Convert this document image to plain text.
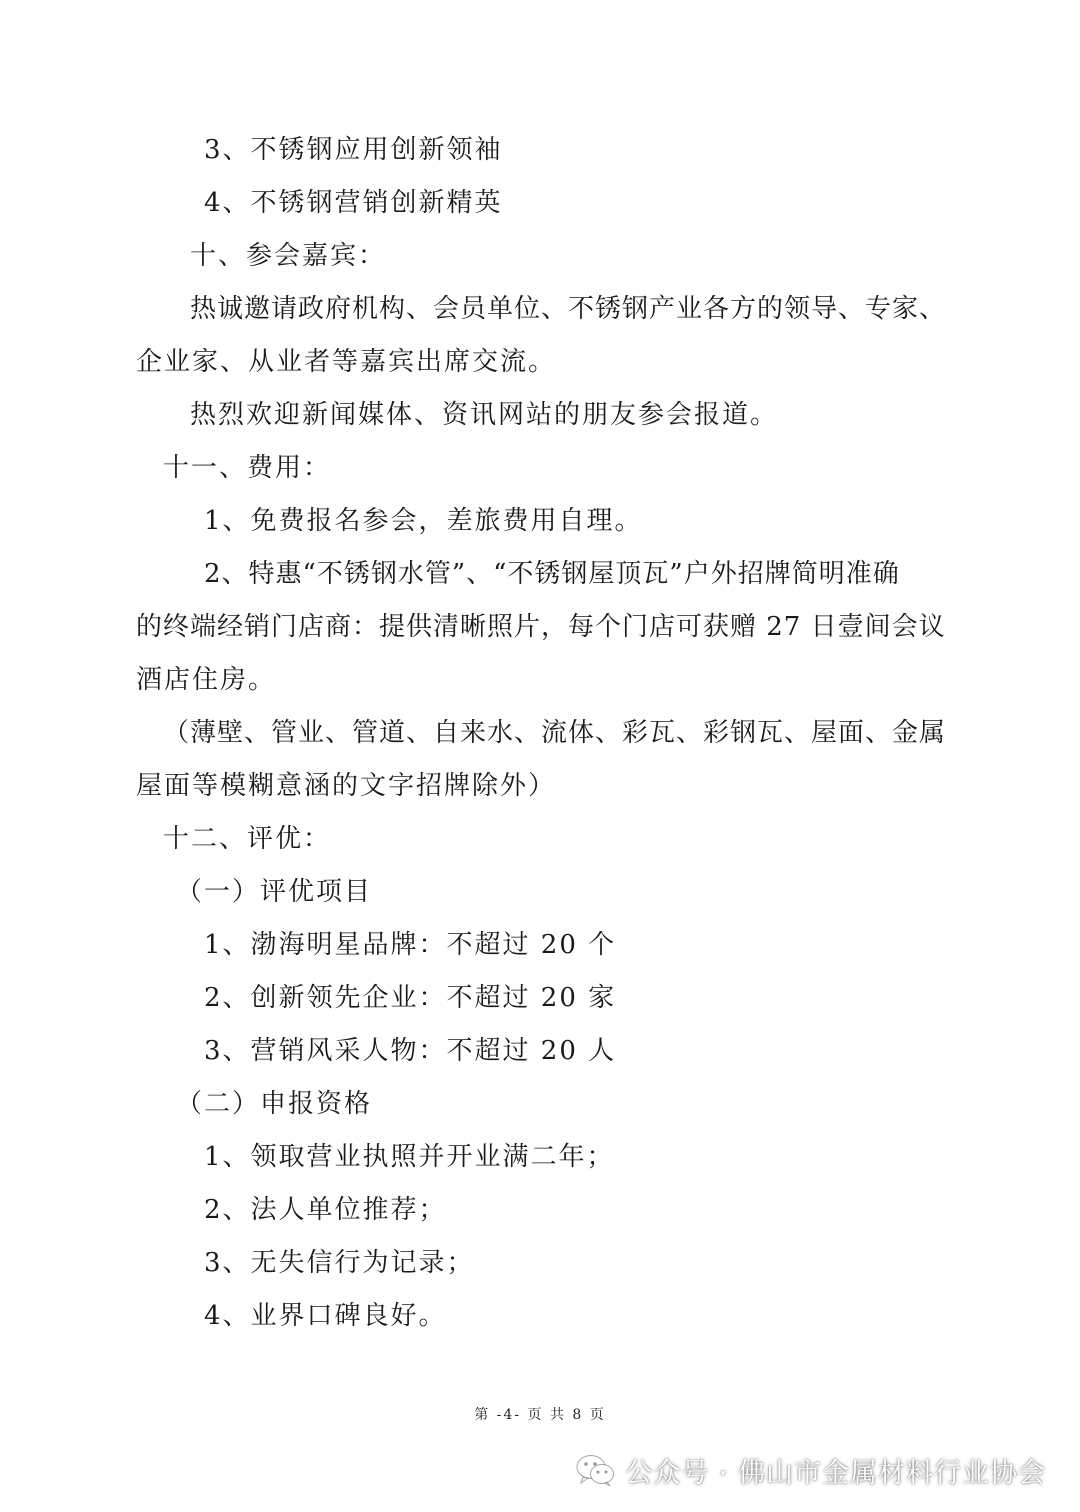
3、不锈钢应用创新领袖
4、不锈钢营销创新精英
十、参会嘉宾：
热诚邀请政府机构、会员单位、不锈钢产业各方的领导、专家、
企业家、从业者等嘉宾出席交流。
热烈欢迎新闻媒体、资讯网站的朋友参会报道。
十一、费用：
1、免费报名参会，差旅费用自理。
2、特惠“不锈钢水管”、“不锈钢屋顶瓦”户外招牌简明准确
的终端经销门店商：提供清晰照片，每个门店可获赠 27 日壹间会议
酒店住房。
（薄壁、管业、管道、自来水、流体、彩瓦、彩钢瓦、屋面、金属
屋面等模糊意涵的文字招牌除外）
十二、评优：
（一）评优项目
1、渤海明星品牌：不超过 20 个
2、创新领先企业：不超过 20 家
3、营销风采人物：不超过 20 人
（二）申报资格
1、领取营业执照并开业满二年；
2、法人单位推荐；
3、无失信行为记录；
4、业界口碑良好。
第 -4- 页 共 8 页
公众号 · 佛山市金属材料行业协会
